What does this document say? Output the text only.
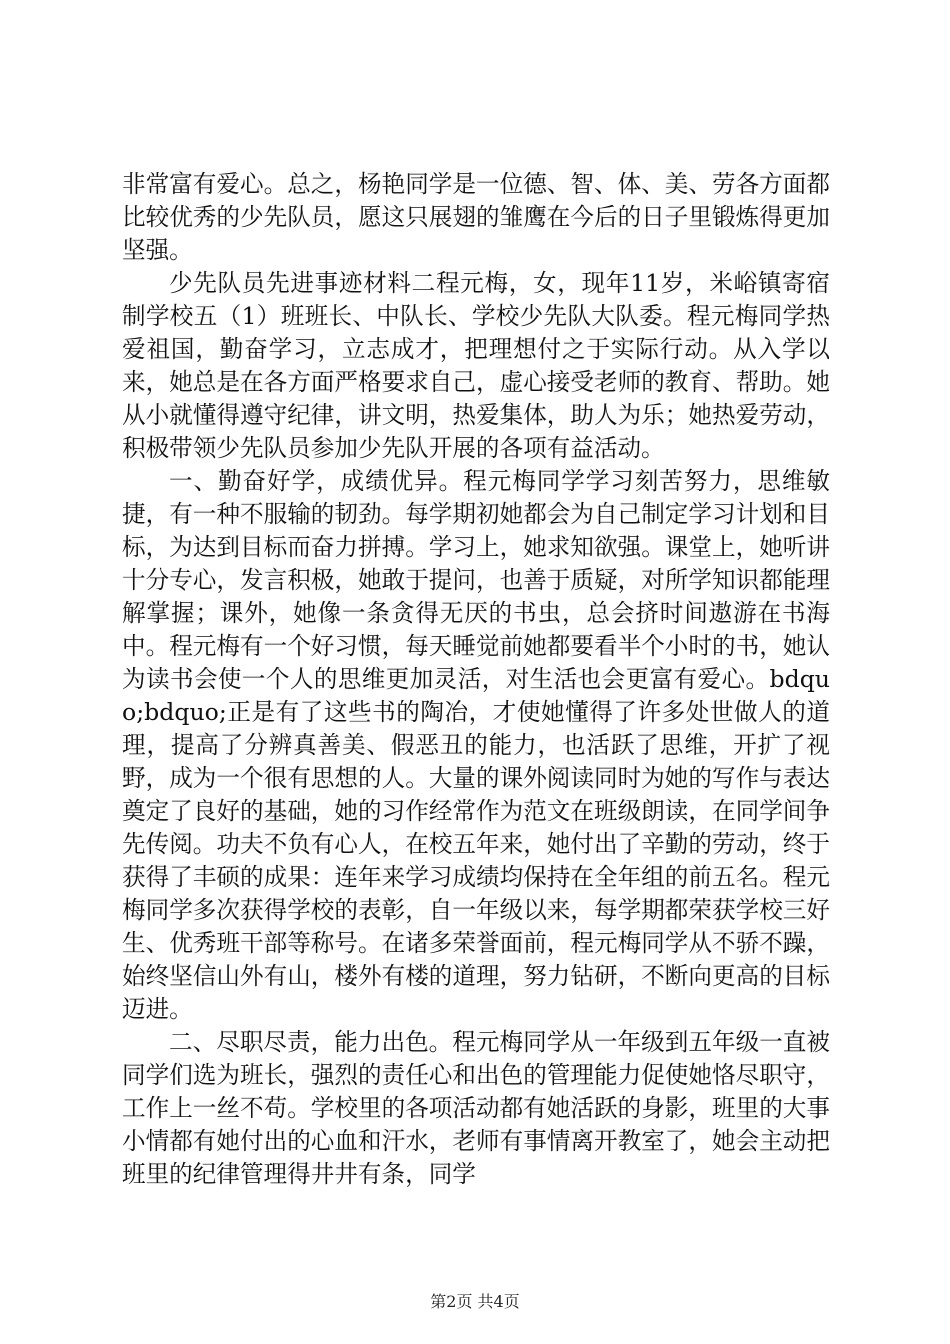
非常富有爱心。总之，杨艳同学是一位德、智、体、美、劳各方面都比较优秀的少先队员，愿这只展翅的雏鹰在今后的日子里锻炼得更加坚强。

少先队员先进事迹材料二程元梅，女，现年11岁，米峪镇寄宿制学校五（1）班班长、中队长、学校少先队大队委。程元梅同学热爱祖国，勤奋学习，立志成才，把理想付之于实际行动。从入学以来，她总是在各方面严格要求自己，虚心接受老师的教育、帮助。她从小就懂得遵守纪律，讲文明，热爱集体，助人为乐；她热爱劳动，积极带领少先队员参加少先队开展的各项有益活动。

一、勤奋好学，成绩优异。程元梅同学学习刻苦努力，思维敏捷，有一种不服输的韧劲。每学期初她都会为自己制定学习计划和目标，为达到目标而奋力拼搏。学习上，她求知欲强。课堂上，她听讲十分专心，发言积极，她敢于提问，也善于质疑，对所学知识都能理解掌握；课外，她像一条贪得无厌的书虫，总会挤时间遨游在书海中。程元梅有一个好习惯，每天睡觉前她都要看半个小时的书，她认为读书会使一个人的思维更加灵活，对生活也会更富有爱心。bdquo;bdquo;正是有了这些书的陶冶，才使她懂得了许多处世做人的道理，提高了分辨真善美、假恶丑的能力，也活跃了思维，开扩了视野，成为一个很有思想的人。大量的课外阅读同时为她的写作与表达奠定了良好的基础，她的习作经常作为范文在班级朗读，在同学间争先传阅。功夫不负有心人，在校五年来，她付出了辛勤的劳动，终于获得了丰硕的成果：连年来学习成绩均保持在全年组的前五名。程元梅同学多次获得学校的表彰，自一年级以来，每学期都荣获学校三好生、优秀班干部等称号。在诸多荣誉面前，程元梅同学从不骄不躁，始终坚信山外有山，楼外有楼的道理，努力钻研，不断向更高的目标迈进。

二、尽职尽责，能力出色。程元梅同学从一年级到五年级一直被同学们选为班长，强烈的责任心和出色的管理能力促使她恪尽职守，工作上一丝不苟。学校里的各项活动都有她活跃的身影，班里的大事小情都有她付出的心血和汗水，老师有事情离开教室了，她会主动把班里的纪律管理得井井有条，同学

第2页 共4页
